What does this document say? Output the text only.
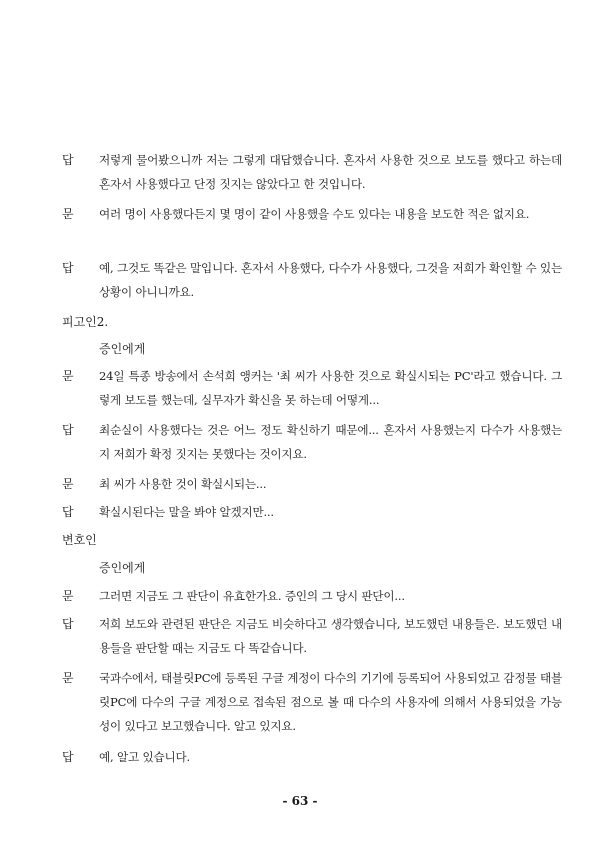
답 저렇게 물어봤으니까 저는 그렇게 대답했습니다. 혼자서 사용한 것으로 보도를 했다고 하는데 혼자서 사용했다고 단정 짓지는 않았다고 한 것입니다.
문 여러 명이 사용했다든지 몇 명이 같이 사용했을 수도 있다는 내용을 보도한 적은 없지요.
답 예, 그것도 똑같은 말입니다. 혼자서 사용했다, 다수가 사용했다, 그것을 저희가 확인할 수 있는 상황이 아니니까요.
피고인2.
증인에게
문 24일 특종 방송에서 손석희 앵커는 '최 씨가 사용한 것으로 확실시되는 PC'라고 했습니다. 그렇게 보도를 했는데, 실무자가 확신을 못 하는데 어떻게...
답 최순실이 사용했다는 것은 어느 정도 확신하기 때문에... 혼자서 사용했는지 다수가 사용했는지 저희가 확정 짓지는 못했다는 것이지요.
문 최 씨가 사용한 것이 확실시되는...
답 확실시된다는 말을 봐야 알겠지만...
변호인
증인에게
문 그러면 지금도 그 판단이 유효한가요. 증인의 그 당시 판단이...
답 저희 보도와 관련된 판단은 지금도 비슷하다고 생각했습니다, 보도했던 내용들은. 보도했던 내용들을 판단할 때는 지금도 다 똑같습니다.
문 국과수에서, 태블릿PC에 등록된 구글 계정이 다수의 기기에 등록되어 사용되었고 감정물 태블릿PC에 다수의 구글 계정으로 접속된 점으로 볼 때 다수의 사용자에 의해서 사용되었을 가능성이 있다고 보고했습니다. 알고 있지요.
답 예, 알고 있습니다.
- 63 -
